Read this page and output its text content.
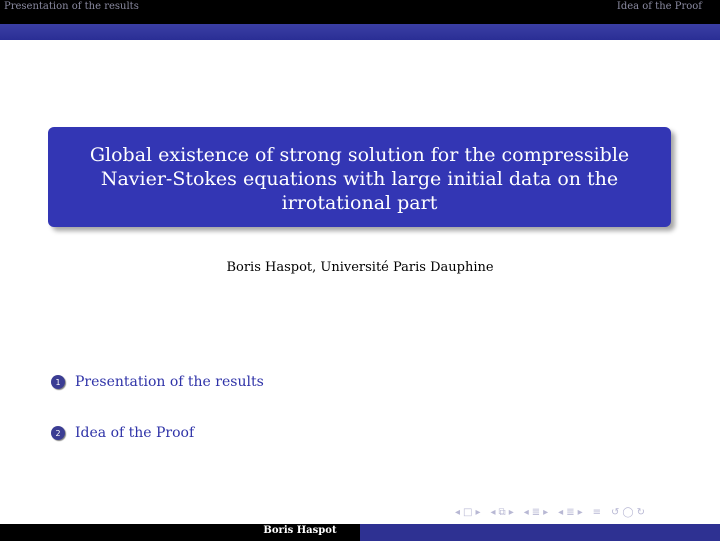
Presentation of the results	Idea of the Proof
Global existence of strong solution for the compressible
Navier-Stokes equations with large initial data on the
irrotational part
Boris Haspot, Université Paris Dauphine
1	Presentation of the results
2	Idea of the Proof
◂ □ ▸ ◂ ⧉ ▸ ◂ ≣ ▸ ◂ ≣ ▸ ≡ ↺ ◯ ↻
Boris Haspot
